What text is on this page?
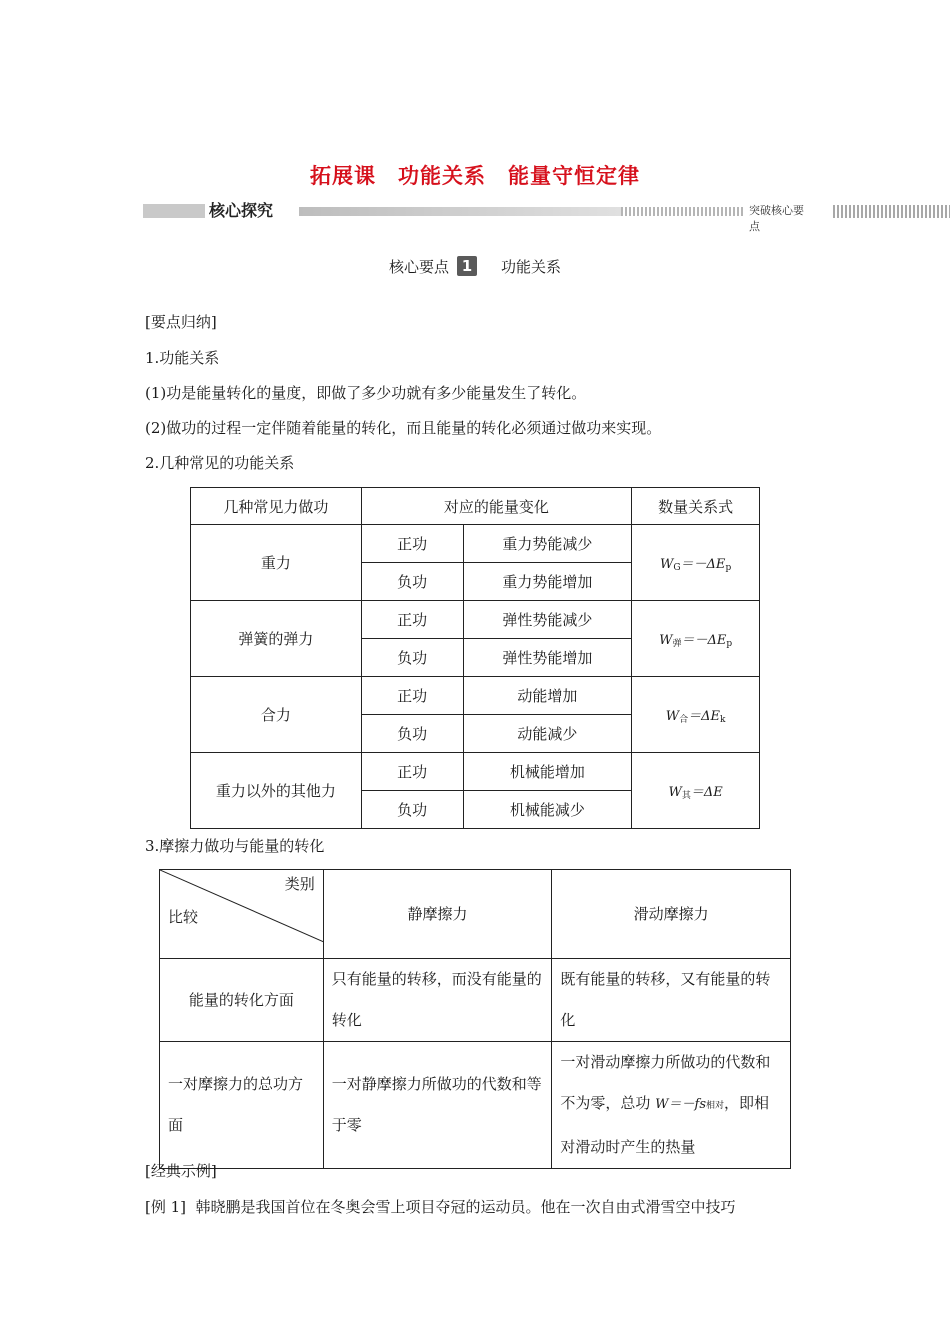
拓展课　功能关系　能量守恒定律
核心探究	突破核心要点
核心要点 1	功能关系
[要点归纳]
1.功能关系
(1)功是能量转化的量度，即做了多少功就有多少能量发生了转化。
(2)做功的过程一定伴随着能量的转化，而且能量的转化必须通过做功来实现。
2.几种常见的功能关系
几种常见力做功	对应的能量变化		数量关系式
重力	正功	重力势能减少	$W_G=-\Delta E_p$
	负功	重力势能增加	
弹簧的弹力	正功	弹性势能减少	$W_弹=-\Delta E_p$
	负功	弹性势能增加	
合力	正功	动能增加	$W_合=\Delta E_k$
	负功	动能减少	
重力以外的其他力	正功	机械能增加	$W_其=\Delta E$
	负功	机械能减少	
3.摩擦力做功与能量的转化
类别
比较	静摩擦力	滑动摩擦力
能量的转化方面	只有能量的转移，而没有能量的转化	既有能量的转移，又有能量的转化
一对摩擦力的总功方面	一对静摩擦力所做功的代数和等于零	一对滑动摩擦力所做功的代数和不为零，总功 W＝－fs相对，即相对滑动时产生的热量
[经典示例]
[例 1]  韩晓鹏是我国首位在冬奥会雪上项目夺冠的运动员。他在一次自由式滑雪空中技巧
